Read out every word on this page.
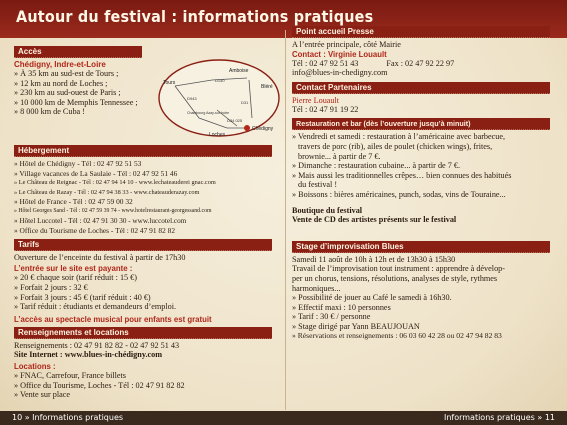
Autour du festival : informations pratiques
Accès
Chédigny, Indre-et-Loire
» À 35 km au sud-est de Tours ;
» 12 km au nord de Loches ;
» 230 km au sud-ouest de Paris ;
» 10 000 km de Memphis Tennessee ;
» 8 000 km de Cuba !
Tours
Amboise
Bléré
Loches
Chédigny
D31
D943
D140
D34 025
Chambourg Azay-sur-Indre
Hébergement
» Hôtel de Chédigny - Tél : 02 47 92 51 53
» Village vacances de La Saulaie - Tél : 02 47 92 51 46
» Le Château de Reignac - Tél : 02 47 94 14 10 - www.lechateauderei gnac.com
» Le Château de Razay - Tél : 02 47 94 38 33 - www.chateauderazay.com
» Hôtel de France - Tél : 02 47 59 00 32
» Hôtel Georges Sand - Tél : 02 47 59 39 74 - www.hotelrestaurant-georgessand.com
» Hôtel Luccotel - Tél : 02 47 91 30 30 - www.luccotel.com
» Office du Tourisme de Loches - Tél : 02 47 91 82 82
Tarifs
Ouverture de l’enceinte du festival à partir de 17h30
L’entrée sur le site est payante :
» 20 € chaque soir (tarif réduit : 15 €)
» Forfait 2 jours : 32 €
» Forfait 3 jours : 45 € (tarif réduit : 40 €)
» Tarif réduit : étudiants et demandeurs d’emploi.
L’accès au spectacle musical pour enfants est gratuit
Renseignements et locations
Renseignements : 02 47 91 82 82 - 02 47 92 51 43
Site Internet : www.blues-in-chédigny.com
Locations :
» FNAC, Carrefour, France billets
» Office du Tourisme, Loches - Tél : 02 47 91 82 82
» Vente sur place
Point accueil Presse
A l’entrée principale, côté Mairie
Contact : Virginie Louault
Tél : 02 47 92 51 43	Fax : 02 47 92 22 97
info@blues-in-chedigny.com
Contact Partenaires
Pierre Louault
Tél : 02 47 91 19 22
Restauration et bar (dès l’ouverture jusqu’à minuit)
» Vendredi et samedi : restauration à l’américaine avec barbecue,
travers de porc (rib), ailes de poulet (chicken wings), frites,
brownie... à partir de 7 €.
» Dimanche : restauration cubaine... à partir de 7 €.
» Mais aussi les traditionnelles crêpes… bien connues des habitués
du festival !
» Boissons : bières américaines, punch, sodas, vins de Touraine...
Boutique du festival
Vente de CD des artistes présents sur le festival
Stage d’improvisation Blues
Samedi 11 août de 10h à 12h et de 13h30 à 15h30
Travail de l’improvisation tout instrument : apprendre à dévelop-
per un chorus, tensions, résolutions, analyses de style, rythmes
harmoniques...
» Possibilité de jouer au Café le samedi à 16h30.
» Effectif maxi : 10 personnes
» Tarif : 30 € / personne
» Stage dirigé par Yann BEAUJOUAN
» Réservations et renseignements : 06 03 60 42 28 ou 02 47 94 82 83
10 » Informations pratiques	Informations pratiques » 11
